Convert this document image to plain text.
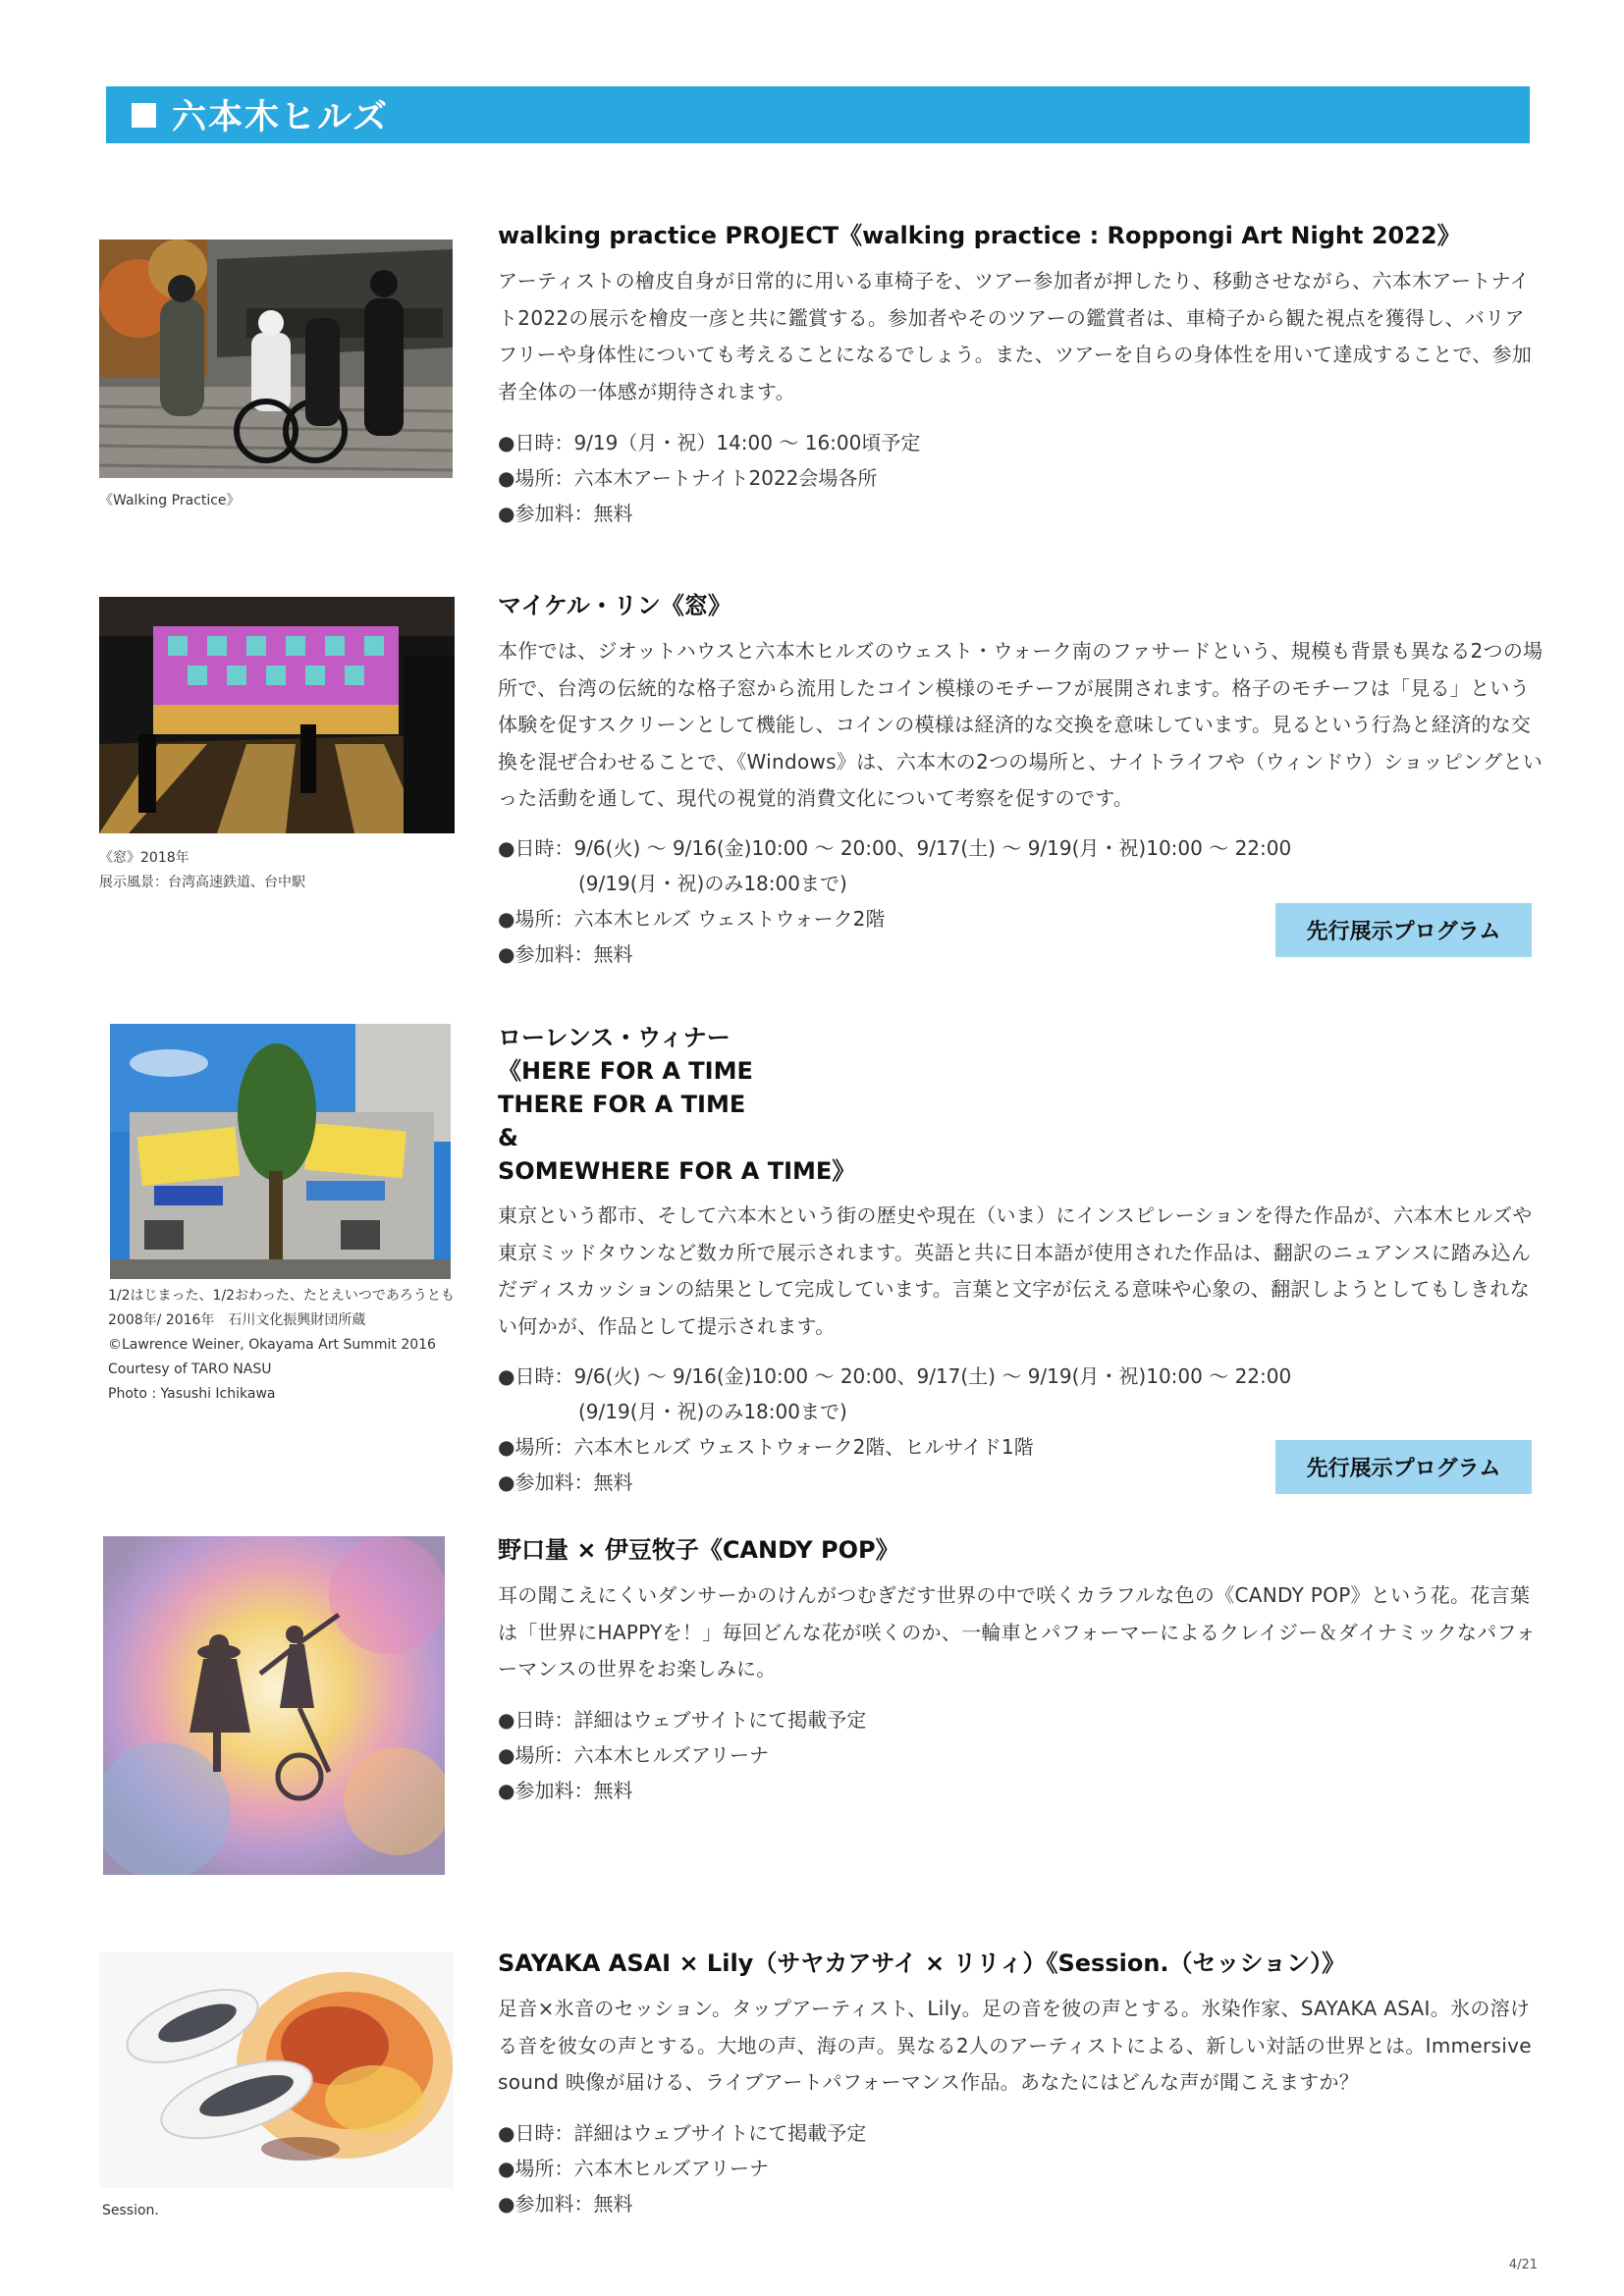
六本木ヒルズ
《Walking Practice》
walking practice PROJECT《walking practice : Roppongi Art Night 2022》
アーティストの檜皮自身が日常的に用いる車椅子を、ツアー参加者が押したり、移動させながら、六本木アートナイト2022の展示を檜皮一彦と共に鑑賞する。参加者やそのツアーの鑑賞者は、車椅子から観た視点を獲得し、バリアフリーや身体性についても考えることになるでしょう。また、ツアーを自らの身体性を用いて達成することで、参加者全体の一体感が期待されます。
●日時：9/19（月・祝）14:00 ～ 16:00頃予定
●場所：六本木アートナイト2022会場各所
●参加料：無料
《窓》2018年
展示風景：台湾高速鉄道、台中駅
マイケル・リン《窓》
本作では、ジオットハウスと六本木ヒルズのウェスト・ウォーク南のファサードという、規模も背景も異なる2つの場所で、台湾の伝統的な格子窓から流用したコイン模様のモチーフが展開されます。格子のモチーフは「見る」という体験を促すスクリーンとして機能し、コインの模様は経済的な交換を意味しています。見るという行為と経済的な交換を混ぜ合わせることで、《Windows》は、六本木の2つの場所と、ナイトライフや（ウィンドウ）ショッピングといった活動を通して、現代の視覚的消費文化について考察を促すのです。
●日時：9/6(火) ～ 9/16(金)10:00 ～ 20:00、9/17(土) ～ 9/19(月・祝)10:00 ～ 22:00
(9/19(月・祝)のみ18:00まで)
●場所：六本木ヒルズ ウェストウォーク2階
●参加料：無料
先行展示プログラム
1/2はじまった、1/2おわった、たとえいつであろうとも
2008年/ 2016年　石川文化振興財団所蔵
©Lawrence Weiner, Okayama Art Summit 2016
Courtesy of TARO NASU
Photo : Yasushi Ichikawa
ローレンス・ウィナー
《HERE FOR A TIME
THERE FOR A TIME
&
SOMEWHERE FOR A TIME》
東京という都市、そして六本木という街の歴史や現在（いま）にインスピレーションを得た作品が、六本木ヒルズや東京ミッドタウンなど数カ所で展示されます。英語と共に日本語が使用された作品は、翻訳のニュアンスに踏み込んだディスカッションの結果として完成しています。言葉と文字が伝える意味や心象の、翻訳しようとしてもしきれない何かが、作品として提示されます。
●日時：9/6(火) ～ 9/16(金)10:00 ～ 20:00、9/17(土) ～ 9/19(月・祝)10:00 ～ 22:00
(9/19(月・祝)のみ18:00まで)
●場所：六本木ヒルズ ウェストウォーク2階、ヒルサイド1階
●参加料：無料
先行展示プログラム
野口量 × 伊豆牧子《CANDY POP》
耳の聞こえにくいダンサーかのけんがつむぎだす世界の中で咲くカラフルな色の《CANDY POP》という花。花言葉は「世界にHAPPYを！」毎回どんな花が咲くのか、一輪車とパフォーマーによるクレイジー＆ダイナミックなパフォーマンスの世界をお楽しみに。
●日時：詳細はウェブサイトにて掲載予定
●場所：六本木ヒルズアリーナ
●参加料：無料
Session.
SAYAKA ASAI × Lily（サヤカアサイ × リリィ）《Session.（セッション）》
足音×氷音のセッション。タップアーティスト、Lily。足の音を彼の声とする。氷染作家、SAYAKA ASAI。氷の溶ける音を彼女の声とする。大地の声、海の声。異なる2人のアーティストによる、新しい対話の世界とは。Immersive sound 映像が届ける、ライブアートパフォーマンス作品。あなたにはどんな声が聞こえますか？
●日時：詳細はウェブサイトにて掲載予定
●場所：六本木ヒルズアリーナ
●参加料：無料
4/21
